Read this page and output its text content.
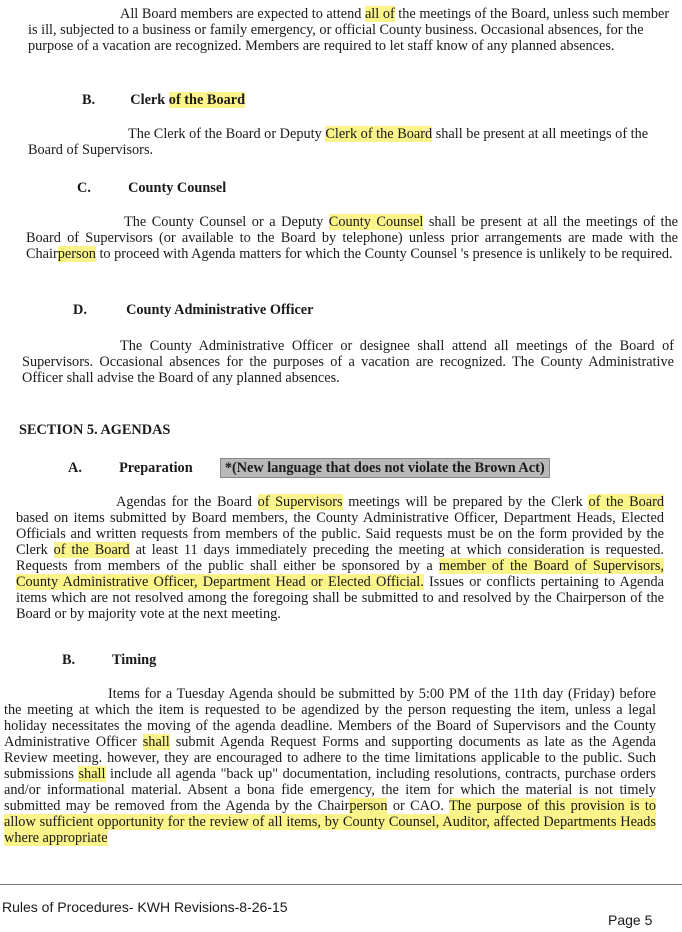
All Board members are expected to attend all of the meetings of the Board, unless such member is ill, subjected to a business or family emergency, or official County business. Occasional absences, for the purpose of a vacation are recognized. Members are required to let staff know of any planned absences.

B. Clerk of the Board

The Clerk of the Board or Deputy Clerk of the Board shall be present at all meetings of the Board of Supervisors.

C.	County Counsel

The County Counsel or a Deputy County Counsel shall be present at all the meetings of the Board of Supervisors (or available to the Board by telephone) unless prior arrangements are made with the Chairperson to proceed with Agenda matters for which the County Counsel 's presence is unlikely to be required.

D.	County Administrative Officer

The County Administrative Officer or designee shall attend all meetings of the Board of Supervisors. Occasional absences for the purposes of a vacation are recognized. The County Administrative Officer shall advise the Board of any planned absences.

SECTION 5. AGENDAS
A.	Preparation *(New language that does not violate the Brown Act)

Agendas for the Board of Supervisors meetings will be prepared by the Clerk of the Board based on items submitted by Board members, the County Administrative Officer, Department Heads, Elected Officials and written requests from members of the public. Said requests must be on the form provided by the Clerk of the Board at least 11 days immediately preceding the meeting at which consideration is requested. Requests from members of the public shall either be sponsored by a member of the Board of Supervisors, County Administrative Officer, Department Head or Elected Official. Issues or conflicts pertaining to Agenda items which are not resolved among the foregoing shall be submitted to and resolved by the Chairperson of the Board or by majority vote at the next meeting.

B.	Timing

Items for a Tuesday Agenda should be submitted by 5:00 PM of the 11th day (Friday) before the meeting at which the item is requested to be agendized by the person requesting the item, unless a legal holiday necessitates the moving of the agenda deadline. Members of the Board of Supervisors and the County Administrative Officer shall submit Agenda Request Forms and supporting documents as late as the Agenda Review meeting. however, they are encouraged to adhere to the time limitations applicable to the public. Such submissions shall include all agenda "back up" documentation, including resolutions, contracts, purchase orders and/or informational material. Absent a bona fide emergency, the item for which the material is not timely submitted may be removed from the Agenda by the Chairperson or CAO. The purpose of this provision is to allow sufficient opportunity for the review of all items, by County Counsel, Auditor, affected Departments Heads where appropriate

Rules of Procedures- KWH Revisions-8-26-15
Page 5
